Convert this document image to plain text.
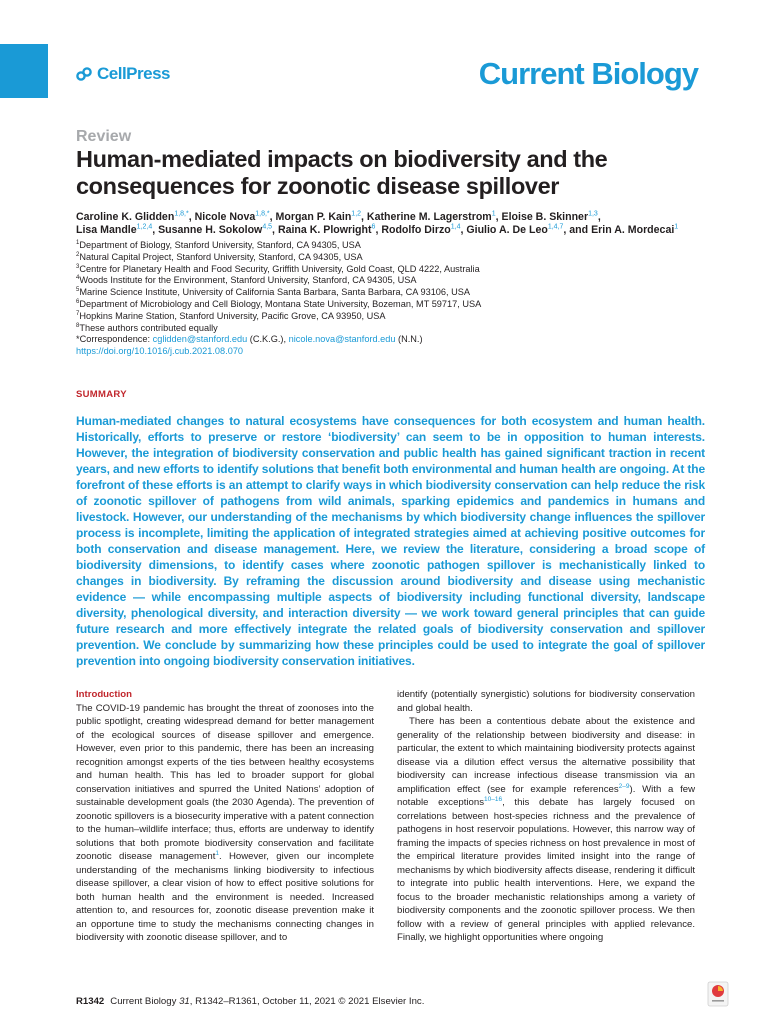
CellPress	Current Biology
Review
Human-mediated impacts on biodiversity and the consequences for zoonotic disease spillover
Caroline K. Glidden$^{1,8,*}$, Nicole Nova$^{1,8,*}$, Morgan P. Kain$^{1,2}$, Katherine M. Lagerstrom$^1$, Eloise B. Skinner$^{1,3}$,
Lisa Mandle$^{1,2,4}$, Susanne H. Sokolow$^{4,5}$, Raina K. Plowright$^6$, Rodolfo Dirzo$^{1,4}$, Giulio A. De Leo$^{1,4,7}$, and Erin A. Mordecai$^1$
$^1$Department of Biology, Stanford University, Stanford, CA 94305, USA
$^2$Natural Capital Project, Stanford University, Stanford, CA 94305, USA
$^3$Centre for Planetary Health and Food Security, Griffith University, Gold Coast, QLD 4222, Australia
$^4$Woods Institute for the Environment, Stanford University, Stanford, CA 94305, USA
$^5$Marine Science Institute, University of California Santa Barbara, Santa Barbara, CA 93106, USA
$^6$Department of Microbiology and Cell Biology, Montana State University, Bozeman, MT 59717, USA
$^7$Hopkins Marine Station, Stanford University, Pacific Grove, CA 93950, USA
$^8$These authors contributed equally
*Correspondence: cglidden@stanford.edu (C.K.G.), nicole.nova@stanford.edu (N.N.)
https://doi.org/10.1016/j.cub.2021.08.070
SUMMARY
Human-mediated changes to natural ecosystems have consequences for both ecosystem and human health. Historically, efforts to preserve or restore ‘biodiversity’ can seem to be in opposition to human interests. However, the integration of biodiversity conservation and public health has gained significant traction in recent years, and new efforts to identify solutions that benefit both environmental and human health are ongoing. At the forefront of these efforts is an attempt to clarify ways in which biodiversity conservation can help reduce the risk of zoonotic spillover of pathogens from wild animals, sparking epidemics and pandemics in humans and livestock. However, our understanding of the mechanisms by which biodiversity change influences the spillover process is incomplete, limiting the application of integrated strategies aimed at achieving positive outcomes for both conservation and disease management. Here, we review the literature, considering a broad scope of biodiversity dimensions, to identify cases where zoonotic pathogen spillover is mechanistically linked to changes in biodiversity. By reframing the discussion around biodiversity and disease using mechanistic evidence — while encompassing multiple aspects of biodiversity including functional diversity, landscape diversity, phenological diversity, and interaction diversity — we work toward general principles that can guide future research and more effectively integrate the related goals of biodiversity conservation and spillover prevention. We conclude by summarizing how these principles could be used to integrate the goal of spillover prevention into ongoing biodiversity conservation initiatives.
Introduction

The COVID-19 pandemic has brought the threat of zoonoses into the public spotlight, creating widespread demand for better management of the ecological sources of disease spillover and emergence. However, even prior to this pandemic, there has been an increasing recognition amongst experts of the ties between healthy ecosystems and human health. This has led to broader support for global conservation initiatives and spurred the United Nations’ adoption of sustainable development goals (the 2030 Agenda). The prevention of zoonotic spillovers is a biosecurity imperative with a patent connection to the human–wildlife interface; thus, efforts are underway to identify solutions that both promote biodiversity conservation and facilitate zoonotic disease management$^1$. However, given our incomplete understanding of the mechanisms linking biodiversity to infectious disease spillover, a clear vision of how to effect positive solutions for both human health and the environment is needed. Increased attention to, and resources for, zoonotic disease prevention make it an opportune time to study the mechanisms connecting changes in biodiversity with zoonotic disease spillover, and to

identify (potentially synergistic) solutions for biodiversity conservation and global health.

There has been a contentious debate about the existence and generality of the relationship between biodiversity and disease: in particular, the extent to which maintaining biodiversity protects against disease via a dilution effect versus the alternative possibility that biodiversity can increase infectious disease transmission via an amplification effect (see for example references$^{2-9}$). With a few notable exceptions$^{10-16}$, this debate has largely focused on correlations between host-species richness and the prevalence of pathogens in host reservoir populations. However, this narrow way of framing the impacts of species richness on host prevalence in most of the empirical literature provides limited insight into the range of mechanisms by which biodiversity affects disease, rendering it difficult to integrate into public health interventions. Here, we expand the focus to the broader mechanistic relationships among a variety of biodiversity components and the zoonotic spillover process. We then follow with a review of general principles with applied relevance. Finally, we highlight opportunities where ongoing

R1342 Current Biology 31, R1342–R1361, October 11, 2021 © 2021 Elsevier Inc.
